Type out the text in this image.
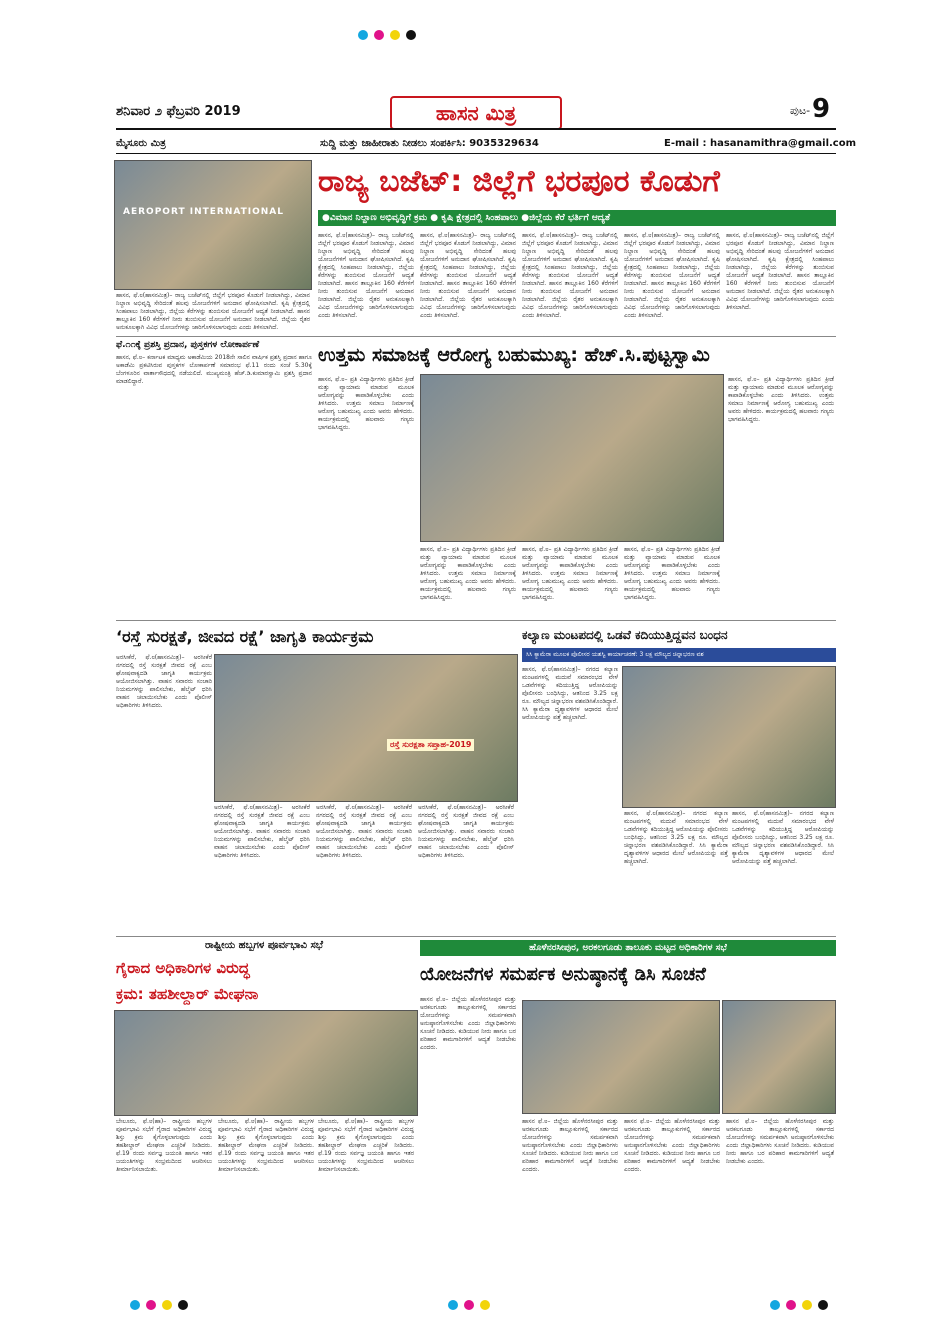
ಶನಿವಾರ ೨ ಫೆಬ್ರವರಿ 2019	ಹಾಸನ ಮಿತ್ರ	ಪುಟ- 9
ಮೈಸೂರು ಮಿತ್ರ	ಸುದ್ದಿ ಮತ್ತು ಜಾಹೀರಾತು ನೀಡಲು ಸಂಪರ್ಕಿಸಿ: 9035329634	E-mail : hasanamithra@gmail.com
AEROPORT INTERNATIONAL
ರಾಜ್ಯ ಬಜೆಟ್: ಜಿಲ್ಲೆಗೆ ಭರಪೂರ ಕೊಡುಗೆ
●ವಿಮಾನ ನಿಲ್ದಾಣ ಅಭಿವೃದ್ಧಿಗೆ ಕ್ರಮ ● ಕೃಷಿ ಕ್ಷೇತ್ರದಲ್ಲಿ ಸಿಂಹಪಾಲು ●ಜಿಲ್ಲೆಯ ಕೆರೆ ಭರ್ತಿಗೆ ಆದ್ಯತೆ
ಹಾಸನ, ಫೆ.೮(ಹಾಸನಮಿತ್ರ)– ರಾಜ್ಯ ಬಜೆಟ್‌ನಲ್ಲಿ ಜಿಲ್ಲೆಗೆ ಭರಪೂರ ಕೊಡುಗೆ ನೀಡಲಾಗಿದ್ದು, ವಿಮಾನ ನಿಲ್ದಾಣ ಅಭಿವೃದ್ಧಿ ಸೇರಿದಂತೆ ಹಲವು ಯೋಜನೆಗಳಿಗೆ ಅನುದಾನ ಘೋಷಿಸಲಾಗಿದೆ. ಕೃಷಿ ಕ್ಷೇತ್ರದಲ್ಲಿ ಸಿಂಹಪಾಲು ನೀಡಲಾಗಿದ್ದು, ಜಿಲ್ಲೆಯ ಕೆರೆಗಳನ್ನು ತುಂಬಿಸುವ ಯೋಜನೆಗೆ ಆದ್ಯತೆ ನೀಡಲಾಗಿದೆ. ಹಾಸನ ತಾಲ್ಲೂಕಿನ 160 ಕೆರೆಗಳಿಗೆ ನೀರು ತುಂಬಿಸುವ ಯೋಜನೆಗೆ ಅನುದಾನ ನೀಡಲಾಗಿದೆ. ಜಿಲ್ಲೆಯ ರೈತರ ಅನುಕೂಲಕ್ಕಾಗಿ ವಿವಿಧ ಯೋಜನೆಗಳನ್ನು ಜಾರಿಗೊಳಿಸಲಾಗುವುದು ಎಂದು ತಿಳಿಸಲಾಗಿದೆ.
ಹಾಸನ, ಫೆ.೮(ಹಾಸನಮಿತ್ರ)– ರಾಜ್ಯ ಬಜೆಟ್‌ನಲ್ಲಿ ಜಿಲ್ಲೆಗೆ ಭರಪೂರ ಕೊಡುಗೆ ನೀಡಲಾಗಿದ್ದು, ವಿಮಾನ ನಿಲ್ದಾಣ ಅಭಿವೃದ್ಧಿ ಸೇರಿದಂತೆ ಹಲವು ಯೋಜನೆಗಳಿಗೆ ಅನುದಾನ ಘೋಷಿಸಲಾಗಿದೆ. ಕೃಷಿ ಕ್ಷೇತ್ರದಲ್ಲಿ ಸಿಂಹಪಾಲು ನೀಡಲಾಗಿದ್ದು, ಜಿಲ್ಲೆಯ ಕೆರೆಗಳನ್ನು ತುಂಬಿಸುವ ಯೋಜನೆಗೆ ಆದ್ಯತೆ ನೀಡಲಾಗಿದೆ. ಹಾಸನ ತಾಲ್ಲೂಕಿನ 160 ಕೆರೆಗಳಿಗೆ ನೀರು ತುಂಬಿಸುವ ಯೋಜನೆಗೆ ಅನುದಾನ ನೀಡಲಾಗಿದೆ. ಜಿಲ್ಲೆಯ ರೈತರ ಅನುಕೂಲಕ್ಕಾಗಿ ವಿವಿಧ ಯೋಜನೆಗಳನ್ನು ಜಾರಿಗೊಳಿಸಲಾಗುವುದು ಎಂದು ತಿಳಿಸಲಾಗಿದೆ.
ಹಾಸನ, ಫೆ.೮(ಹಾಸನಮಿತ್ರ)– ರಾಜ್ಯ ಬಜೆಟ್‌ನಲ್ಲಿ ಜಿಲ್ಲೆಗೆ ಭರಪೂರ ಕೊಡುಗೆ ನೀಡಲಾಗಿದ್ದು, ವಿಮಾನ ನಿಲ್ದಾಣ ಅಭಿವೃದ್ಧಿ ಸೇರಿದಂತೆ ಹಲವು ಯೋಜನೆಗಳಿಗೆ ಅನುದಾನ ಘೋಷಿಸಲಾಗಿದೆ. ಕೃಷಿ ಕ್ಷೇತ್ರದಲ್ಲಿ ಸಿಂಹಪಾಲು ನೀಡಲಾಗಿದ್ದು, ಜಿಲ್ಲೆಯ ಕೆರೆಗಳನ್ನು ತುಂಬಿಸುವ ಯೋಜನೆಗೆ ಆದ್ಯತೆ ನೀಡಲಾಗಿದೆ. ಹಾಸನ ತಾಲ್ಲೂಕಿನ 160 ಕೆರೆಗಳಿಗೆ ನೀರು ತುಂಬಿಸುವ ಯೋಜನೆಗೆ ಅನುದಾನ ನೀಡಲಾಗಿದೆ. ಜಿಲ್ಲೆಯ ರೈತರ ಅನುಕೂಲಕ್ಕಾಗಿ ವಿವಿಧ ಯೋಜನೆಗಳನ್ನು ಜಾರಿಗೊಳಿಸಲಾಗುವುದು ಎಂದು ತಿಳಿಸಲಾಗಿದೆ.
ಹಾಸನ, ಫೆ.೮(ಹಾಸನಮಿತ್ರ)– ರಾಜ್ಯ ಬಜೆಟ್‌ನಲ್ಲಿ ಜಿಲ್ಲೆಗೆ ಭರಪೂರ ಕೊಡುಗೆ ನೀಡಲಾಗಿದ್ದು, ವಿಮಾನ ನಿಲ್ದಾಣ ಅಭಿವೃದ್ಧಿ ಸೇರಿದಂತೆ ಹಲವು ಯೋಜನೆಗಳಿಗೆ ಅನುದಾನ ಘೋಷಿಸಲಾಗಿದೆ. ಕೃಷಿ ಕ್ಷೇತ್ರದಲ್ಲಿ ಸಿಂಹಪಾಲು ನೀಡಲಾಗಿದ್ದು, ಜಿಲ್ಲೆಯ ಕೆರೆಗಳನ್ನು ತುಂಬಿಸುವ ಯೋಜನೆಗೆ ಆದ್ಯತೆ ನೀಡಲಾಗಿದೆ. ಹಾಸನ ತಾಲ್ಲೂಕಿನ 160 ಕೆರೆಗಳಿಗೆ ನೀರು ತುಂಬಿಸುವ ಯೋಜನೆಗೆ ಅನುದಾನ ನೀಡಲಾಗಿದೆ. ಜಿಲ್ಲೆಯ ರೈತರ ಅನುಕೂಲಕ್ಕಾಗಿ ವಿವಿಧ ಯೋಜನೆಗಳನ್ನು ಜಾರಿಗೊಳಿಸಲಾಗುವುದು ಎಂದು ತಿಳಿಸಲಾಗಿದೆ.
ಹಾಸನ, ಫೆ.೮(ಹಾಸನಮಿತ್ರ)– ರಾಜ್ಯ ಬಜೆಟ್‌ನಲ್ಲಿ ಜಿಲ್ಲೆಗೆ ಭರಪೂರ ಕೊಡುಗೆ ನೀಡಲಾಗಿದ್ದು, ವಿಮಾನ ನಿಲ್ದಾಣ ಅಭಿವೃದ್ಧಿ ಸೇರಿದಂತೆ ಹಲವು ಯೋಜನೆಗಳಿಗೆ ಅನುದಾನ ಘೋಷಿಸಲಾಗಿದೆ. ಕೃಷಿ ಕ್ಷೇತ್ರದಲ್ಲಿ ಸಿಂಹಪಾಲು ನೀಡಲಾಗಿದ್ದು, ಜಿಲ್ಲೆಯ ಕೆರೆಗಳನ್ನು ತುಂಬಿಸುವ ಯೋಜನೆಗೆ ಆದ್ಯತೆ ನೀಡಲಾಗಿದೆ. ಹಾಸನ ತಾಲ್ಲೂಕಿನ 160 ಕೆರೆಗಳಿಗೆ ನೀರು ತುಂಬಿಸುವ ಯೋಜನೆಗೆ ಅನುದಾನ ನೀಡಲಾಗಿದೆ. ಜಿಲ್ಲೆಯ ರೈತರ ಅನುಕೂಲಕ್ಕಾಗಿ ವಿವಿಧ ಯೋಜನೆಗಳನ್ನು ಜಾರಿಗೊಳಿಸಲಾಗುವುದು ಎಂದು ತಿಳಿಸಲಾಗಿದೆ.
ಹಾಸನ, ಫೆ.೮(ಹಾಸನಮಿತ್ರ)– ರಾಜ್ಯ ಬಜೆಟ್‌ನಲ್ಲಿ ಜಿಲ್ಲೆಗೆ ಭರಪೂರ ಕೊಡುಗೆ ನೀಡಲಾಗಿದ್ದು, ವಿಮಾನ ನಿಲ್ದಾಣ ಅಭಿವೃದ್ಧಿ ಸೇರಿದಂತೆ ಹಲವು ಯೋಜನೆಗಳಿಗೆ ಅನುದಾನ ಘೋಷಿಸಲಾಗಿದೆ. ಕೃಷಿ ಕ್ಷೇತ್ರದಲ್ಲಿ ಸಿಂಹಪಾಲು ನೀಡಲಾಗಿದ್ದು, ಜಿಲ್ಲೆಯ ಕೆರೆಗಳನ್ನು ತುಂಬಿಸುವ ಯೋಜನೆಗೆ ಆದ್ಯತೆ ನೀಡಲಾಗಿದೆ. ಹಾಸನ ತಾಲ್ಲೂಕಿನ 160 ಕೆರೆಗಳಿಗೆ ನೀರು ತುಂಬಿಸುವ ಯೋಜನೆಗೆ ಅನುದಾನ ನೀಡಲಾಗಿದೆ. ಜಿಲ್ಲೆಯ ರೈತರ ಅನುಕೂಲಕ್ಕಾಗಿ ವಿವಿಧ ಯೋಜನೆಗಳನ್ನು ಜಾರಿಗೊಳಿಸಲಾಗುವುದು ಎಂದು ತಿಳಿಸಲಾಗಿದೆ.
ಫೆ.೧೧ಕ್ಕೆ ಪ್ರಶಸ್ತಿ ಪ್ರದಾನ, ಪುಸ್ತಕಗಳ ಲೋಕಾರ್ಪಣೆ
ಹಾಸನ, ಫೆ.೮– ಕರ್ನಾಟಕ ಮಾಧ್ಯಮ ಅಕಾಡೆಮಿಯ 2018ನೇ ಸಾಲಿನ ವಾರ್ಷಿಕ ಪ್ರಶಸ್ತಿ ಪ್ರದಾನ ಹಾಗೂ ಅಕಾಡೆಮಿ ಪ್ರಕಟಿಸಿರುವ ಪುಸ್ತಕಗಳ ಲೋಕಾರ್ಪಣೆ ಸಮಾರಂಭ ಫೆ.11 ರಂದು ಸಂಜೆ 5.30ಕ್ಕೆ ಬೆಂಗಳೂರಿನ ವಾರ್ತಾಸೌಧದಲ್ಲಿ ನಡೆಯಲಿದೆ. ಮುಖ್ಯಮಂತ್ರಿ ಹೆಚ್.ಡಿ.ಕುಮಾರಸ್ವಾಮಿ ಪ್ರಶಸ್ತಿ ಪ್ರದಾನ ಮಾಡಲಿದ್ದಾರೆ.
ಉತ್ತಮ ಸಮಾಜಕ್ಕೆ ಆರೋಗ್ಯ ಬಹುಮುಖ್ಯ: ಹೆಚ್.ಸಿ.ಪುಟ್ಟಸ್ವಾಮಿ
ಹಾಸನ, ಫೆ.೮– ಪ್ರತಿ ವಿದ್ಯಾರ್ಥಿಗಳು ಪ್ರತಿದಿನ ಕ್ರೀಡೆ ಮತ್ತು ವ್ಯಾಯಾಮ ಮಾಡುವ ಮೂಲಕ ಆರೋಗ್ಯವನ್ನು ಕಾಪಾಡಿಕೊಳ್ಳಬೇಕು ಎಂದು ತಿಳಿಸಿದರು. ಉತ್ತಮ ಸಮಾಜ ನಿರ್ಮಾಣಕ್ಕೆ ಆರೋಗ್ಯ ಬಹುಮುಖ್ಯ ಎಂದು ಅವರು ಹೇಳಿದರು. ಕಾರ್ಯಕ್ರಮದಲ್ಲಿ ಹಲವಾರು ಗಣ್ಯರು ಭಾಗವಹಿಸಿದ್ದರು.
ಹಾಸನ, ಫೆ.೮– ಪ್ರತಿ ವಿದ್ಯಾರ್ಥಿಗಳು ಪ್ರತಿದಿನ ಕ್ರೀಡೆ ಮತ್ತು ವ್ಯಾಯಾಮ ಮಾಡುವ ಮೂಲಕ ಆರೋಗ್ಯವನ್ನು ಕಾಪಾಡಿಕೊಳ್ಳಬೇಕು ಎಂದು ತಿಳಿಸಿದರು. ಉತ್ತಮ ಸಮಾಜ ನಿರ್ಮಾಣಕ್ಕೆ ಆರೋಗ್ಯ ಬಹುಮುಖ್ಯ ಎಂದು ಅವರು ಹೇಳಿದರು. ಕಾರ್ಯಕ್ರಮದಲ್ಲಿ ಹಲವಾರು ಗಣ್ಯರು ಭಾಗವಹಿಸಿದ್ದರು.
ಹಾಸನ, ಫೆ.೮– ಪ್ರತಿ ವಿದ್ಯಾರ್ಥಿಗಳು ಪ್ರತಿದಿನ ಕ್ರೀಡೆ ಮತ್ತು ವ್ಯಾಯಾಮ ಮಾಡುವ ಮೂಲಕ ಆರೋಗ್ಯವನ್ನು ಕಾಪಾಡಿಕೊಳ್ಳಬೇಕು ಎಂದು ತಿಳಿಸಿದರು. ಉತ್ತಮ ಸಮಾಜ ನಿರ್ಮಾಣಕ್ಕೆ ಆರೋಗ್ಯ ಬಹುಮುಖ್ಯ ಎಂದು ಅವರು ಹೇಳಿದರು. ಕಾರ್ಯಕ್ರಮದಲ್ಲಿ ಹಲವಾರು ಗಣ್ಯರು ಭಾಗವಹಿಸಿದ್ದರು.
ಹಾಸನ, ಫೆ.೮– ಪ್ರತಿ ವಿದ್ಯಾರ್ಥಿಗಳು ಪ್ರತಿದಿನ ಕ್ರೀಡೆ ಮತ್ತು ವ್ಯಾಯಾಮ ಮಾಡುವ ಮೂಲಕ ಆರೋಗ್ಯವನ್ನು ಕಾಪಾಡಿಕೊಳ್ಳಬೇಕು ಎಂದು ತಿಳಿಸಿದರು. ಉತ್ತಮ ಸಮಾಜ ನಿರ್ಮಾಣಕ್ಕೆ ಆರೋಗ್ಯ ಬಹುಮುಖ್ಯ ಎಂದು ಅವರು ಹೇಳಿದರು. ಕಾರ್ಯಕ್ರಮದಲ್ಲಿ ಹಲವಾರು ಗಣ್ಯರು ಭಾಗವಹಿಸಿದ್ದರು.
ಹಾಸನ, ಫೆ.೮– ಪ್ರತಿ ವಿದ್ಯಾರ್ಥಿಗಳು ಪ್ರತಿದಿನ ಕ್ರೀಡೆ ಮತ್ತು ವ್ಯಾಯಾಮ ಮಾಡುವ ಮೂಲಕ ಆರೋಗ್ಯವನ್ನು ಕಾಪಾಡಿಕೊಳ್ಳಬೇಕು ಎಂದು ತಿಳಿಸಿದರು. ಉತ್ತಮ ಸಮಾಜ ನಿರ್ಮಾಣಕ್ಕೆ ಆರೋಗ್ಯ ಬಹುಮುಖ್ಯ ಎಂದು ಅವರು ಹೇಳಿದರು. ಕಾರ್ಯಕ್ರಮದಲ್ಲಿ ಹಲವಾರು ಗಣ್ಯರು ಭಾಗವಹಿಸಿದ್ದರು.
‘ರಸ್ತೆ ಸುರಕ್ಷತೆ, ಜೀವದ ರಕ್ಷೆ’ ಜಾಗೃತಿ ಕಾರ್ಯಕ್ರಮ
ಅರಸೀಕೆರೆ, ಫೆ.೮(ಹಾಸನಮಿತ್ರ)– ಅರಸೀಕೆರೆ ನಗರದಲ್ಲಿ ರಸ್ತೆ ಸುರಕ್ಷತೆ ಜೀವದ ರಕ್ಷೆ ಎಂಬ ಘೋಷವಾಕ್ಯದಡಿ ಜಾಗೃತಿ ಕಾರ್ಯಕ್ರಮ ಆಯೋಜಿಸಲಾಗಿತ್ತು. ವಾಹನ ಸವಾರರು ಸಂಚಾರಿ ನಿಯಮಗಳನ್ನು ಪಾಲಿಸಬೇಕು, ಹೆಲ್ಮೆಟ್ ಧರಿಸಿ ವಾಹನ ಚಲಾಯಿಸಬೇಕು ಎಂದು ಪೊಲೀಸ್ ಅಧಿಕಾರಿಗಳು ತಿಳಿಸಿದರು.
ರಸ್ತೆ ಸುರಕ್ಷತಾ ಸಪ್ತಾಹ-2019
ಅರಸೀಕೆರೆ, ಫೆ.೮(ಹಾಸನಮಿತ್ರ)– ಅರಸೀಕೆರೆ ನಗರದಲ್ಲಿ ರಸ್ತೆ ಸುರಕ್ಷತೆ ಜೀವದ ರಕ್ಷೆ ಎಂಬ ಘೋಷವಾಕ್ಯದಡಿ ಜಾಗೃತಿ ಕಾರ್ಯಕ್ರಮ ಆಯೋಜಿಸಲಾಗಿತ್ತು. ವಾಹನ ಸವಾರರು ಸಂಚಾರಿ ನಿಯಮಗಳನ್ನು ಪಾಲಿಸಬೇಕು, ಹೆಲ್ಮೆಟ್ ಧರಿಸಿ ವಾಹನ ಚಲಾಯಿಸಬೇಕು ಎಂದು ಪೊಲೀಸ್ ಅಧಿಕಾರಿಗಳು ತಿಳಿಸಿದರು.
ಅರಸೀಕೆರೆ, ಫೆ.೮(ಹಾಸನಮಿತ್ರ)– ಅರಸೀಕೆರೆ ನಗರದಲ್ಲಿ ರಸ್ತೆ ಸುರಕ್ಷತೆ ಜೀವದ ರಕ್ಷೆ ಎಂಬ ಘೋಷವಾಕ್ಯದಡಿ ಜಾಗೃತಿ ಕಾರ್ಯಕ್ರಮ ಆಯೋಜಿಸಲಾಗಿತ್ತು. ವಾಹನ ಸವಾರರು ಸಂಚಾರಿ ನಿಯಮಗಳನ್ನು ಪಾಲಿಸಬೇಕು, ಹೆಲ್ಮೆಟ್ ಧರಿಸಿ ವಾಹನ ಚಲಾಯಿಸಬೇಕು ಎಂದು ಪೊಲೀಸ್ ಅಧಿಕಾರಿಗಳು ತಿಳಿಸಿದರು.
ಅರಸೀಕೆರೆ, ಫೆ.೮(ಹಾಸನಮಿತ್ರ)– ಅರಸೀಕೆರೆ ನಗರದಲ್ಲಿ ರಸ್ತೆ ಸುರಕ್ಷತೆ ಜೀವದ ರಕ್ಷೆ ಎಂಬ ಘೋಷವಾಕ್ಯದಡಿ ಜಾಗೃತಿ ಕಾರ್ಯಕ್ರಮ ಆಯೋಜಿಸಲಾಗಿತ್ತು. ವಾಹನ ಸವಾರರು ಸಂಚಾರಿ ನಿಯಮಗಳನ್ನು ಪಾಲಿಸಬೇಕು, ಹೆಲ್ಮೆಟ್ ಧರಿಸಿ ವಾಹನ ಚಲಾಯಿಸಬೇಕು ಎಂದು ಪೊಲೀಸ್ ಅಧಿಕಾರಿಗಳು ತಿಳಿಸಿದರು.
ಕಲ್ಯಾಣ ಮಂಟಪದಲ್ಲಿ ಒಡವೆ ಕದಿಯುತ್ತಿದ್ದವನ ಬಂಧನ
ಸಿಸಿ ಕ್ಯಾಮೆರಾ ಮೂಲಕ ಪೊಲೀಸರ ಯಶಸ್ವಿ ಕಾರ್ಯಾಚರಣೆ: 3 ಲಕ್ಷ ಮೌಲ್ಯದ ಚಿನ್ನಾಭರಣ ವಶ
ಹಾಸನ, ಫೆ.೮(ಹಾಸನಮಿತ್ರ)– ನಗರದ ಕಲ್ಯಾಣ ಮಂಟಪಗಳಲ್ಲಿ ಮದುವೆ ಸಮಾರಂಭದ ವೇಳೆ ಒಡವೆಗಳನ್ನು ಕದಿಯುತ್ತಿದ್ದ ಆರೋಪಿಯನ್ನು ಪೊಲೀಸರು ಬಂಧಿಸಿದ್ದು, ಆತನಿಂದ 3.25 ಲಕ್ಷ ರೂ. ಮೌಲ್ಯದ ಚಿನ್ನಾಭರಣ ವಶಪಡಿಸಿಕೊಂಡಿದ್ದಾರೆ. ಸಿಸಿ ಕ್ಯಾಮೆರಾ ದೃಶ್ಯಾವಳಿಗಳ ಆಧಾರದ ಮೇಲೆ ಆರೋಪಿಯನ್ನು ಪತ್ತೆ ಹಚ್ಚಲಾಗಿದೆ.
ಹಾಸನ, ಫೆ.೮(ಹಾಸನಮಿತ್ರ)– ನಗರದ ಕಲ್ಯಾಣ ಮಂಟಪಗಳಲ್ಲಿ ಮದುವೆ ಸಮಾರಂಭದ ವೇಳೆ ಒಡವೆಗಳನ್ನು ಕದಿಯುತ್ತಿದ್ದ ಆರೋಪಿಯನ್ನು ಪೊಲೀಸರು ಬಂಧಿಸಿದ್ದು, ಆತನಿಂದ 3.25 ಲಕ್ಷ ರೂ. ಮೌಲ್ಯದ ಚಿನ್ನಾಭರಣ ವಶಪಡಿಸಿಕೊಂಡಿದ್ದಾರೆ. ಸಿಸಿ ಕ್ಯಾಮೆರಾ ದೃಶ್ಯಾವಳಿಗಳ ಆಧಾರದ ಮೇಲೆ ಆರೋಪಿಯನ್ನು ಪತ್ತೆ ಹಚ್ಚಲಾಗಿದೆ.
ಹಾಸನ, ಫೆ.೮(ಹಾಸನಮಿತ್ರ)– ನಗರದ ಕಲ್ಯಾಣ ಮಂಟಪಗಳಲ್ಲಿ ಮದುವೆ ಸಮಾರಂಭದ ವೇಳೆ ಒಡವೆಗಳನ್ನು ಕದಿಯುತ್ತಿದ್ದ ಆರೋಪಿಯನ್ನು ಪೊಲೀಸರು ಬಂಧಿಸಿದ್ದು, ಆತನಿಂದ 3.25 ಲಕ್ಷ ರೂ. ಮೌಲ್ಯದ ಚಿನ್ನಾಭರಣ ವಶಪಡಿಸಿಕೊಂಡಿದ್ದಾರೆ. ಸಿಸಿ ಕ್ಯಾಮೆರಾ ದೃಶ್ಯಾವಳಿಗಳ ಆಧಾರದ ಮೇಲೆ ಆರೋಪಿಯನ್ನು ಪತ್ತೆ ಹಚ್ಚಲಾಗಿದೆ.
ರಾಷ್ಟ್ರೀಯ ಹಬ್ಬಗಳ ಪೂರ್ವಭಾವಿ ಸಭೆ
ಗೈರಾದ ಅಧಿಕಾರಿಗಳ ವಿರುದ್ಧ
ಕ್ರಮ: ತಹಶೀಲ್ದಾರ್ ಮೇಘನಾ
ಬೇಲೂರು, ಫೆ.೮(ಹಾ)– ರಾಷ್ಟ್ರೀಯ ಹಬ್ಬಗಳ ಪೂರ್ವಭಾವಿ ಸಭೆಗೆ ಗೈರಾದ ಅಧಿಕಾರಿಗಳ ವಿರುದ್ಧ ಶಿಸ್ತು ಕ್ರಮ ಕೈಗೊಳ್ಳಲಾಗುವುದು ಎಂದು ತಹಶೀಲ್ದಾರ್ ಮೇಘನಾ ಎಚ್ಚರಿಕೆ ನೀಡಿದರು. ಫೆ.19 ರಂದು ಸರ್ವಜ್ಞ ಜಯಂತಿ ಹಾಗೂ ಇತರ ಜಯಂತಿಗಳನ್ನು ಸಂಭ್ರಮದಿಂದ ಆಚರಿಸಲು ತೀರ್ಮಾನಿಸಲಾಯಿತು.
ಬೇಲೂರು, ಫೆ.೮(ಹಾ)– ರಾಷ್ಟ್ರೀಯ ಹಬ್ಬಗಳ ಪೂರ್ವಭಾವಿ ಸಭೆಗೆ ಗೈರಾದ ಅಧಿಕಾರಿಗಳ ವಿರುದ್ಧ ಶಿಸ್ತು ಕ್ರಮ ಕೈಗೊಳ್ಳಲಾಗುವುದು ಎಂದು ತಹಶೀಲ್ದಾರ್ ಮೇಘನಾ ಎಚ್ಚರಿಕೆ ನೀಡಿದರು. ಫೆ.19 ರಂದು ಸರ್ವಜ್ಞ ಜಯಂತಿ ಹಾಗೂ ಇತರ ಜಯಂತಿಗಳನ್ನು ಸಂಭ್ರಮದಿಂದ ಆಚರಿಸಲು ತೀರ್ಮಾನಿಸಲಾಯಿತು.
ಬೇಲೂರು, ಫೆ.೮(ಹಾ)– ರಾಷ್ಟ್ರೀಯ ಹಬ್ಬಗಳ ಪೂರ್ವಭಾವಿ ಸಭೆಗೆ ಗೈರಾದ ಅಧಿಕಾರಿಗಳ ವಿರುದ್ಧ ಶಿಸ್ತು ಕ್ರಮ ಕೈಗೊಳ್ಳಲಾಗುವುದು ಎಂದು ತಹಶೀಲ್ದಾರ್ ಮೇಘನಾ ಎಚ್ಚರಿಕೆ ನೀಡಿದರು. ಫೆ.19 ರಂದು ಸರ್ವಜ್ಞ ಜಯಂತಿ ಹಾಗೂ ಇತರ ಜಯಂತಿಗಳನ್ನು ಸಂಭ್ರಮದಿಂದ ಆಚರಿಸಲು ತೀರ್ಮಾನಿಸಲಾಯಿತು.
ಹೊಳೆನರಸೀಪುರ, ಅರಕಲಗೂಡು ತಾಲೂಕು ಮಟ್ಟದ ಅಧಿಕಾರಿಗಳ ಸಭೆ
ಯೋಜನೆಗಳ ಸಮರ್ಪಕ ಅನುಷ್ಠಾನಕ್ಕೆ ಡಿಸಿ ಸೂಚನೆ
ಹಾಸನ ಫೆ.೮– ಜಿಲ್ಲೆಯ ಹೊಳೆನರಸೀಪುರ ಮತ್ತು ಅರಕಲಗೂಡು ತಾಲ್ಲೂಕುಗಳಲ್ಲಿ ಸರ್ಕಾರದ ಯೋಜನೆಗಳನ್ನು ಸಮರ್ಪಕವಾಗಿ ಅನುಷ್ಠಾನಗೊಳಿಸಬೇಕು ಎಂದು ಜಿಲ್ಲಾಧಿಕಾರಿಗಳು ಸೂಚನೆ ನೀಡಿದರು. ಕುಡಿಯುವ ನೀರು ಹಾಗೂ ಬರ ಪರಿಹಾರ ಕಾಮಗಾರಿಗಳಿಗೆ ಆದ್ಯತೆ ನೀಡಬೇಕು ಎಂದರು.
ಹಾಸನ ಫೆ.೮– ಜಿಲ್ಲೆಯ ಹೊಳೆನರಸೀಪುರ ಮತ್ತು ಅರಕಲಗೂಡು ತಾಲ್ಲೂಕುಗಳಲ್ಲಿ ಸರ್ಕಾರದ ಯೋಜನೆಗಳನ್ನು ಸಮರ್ಪಕವಾಗಿ ಅನುಷ್ಠಾನಗೊಳಿಸಬೇಕು ಎಂದು ಜಿಲ್ಲಾಧಿಕಾರಿಗಳು ಸೂಚನೆ ನೀಡಿದರು. ಕುಡಿಯುವ ನೀರು ಹಾಗೂ ಬರ ಪರಿಹಾರ ಕಾಮಗಾರಿಗಳಿಗೆ ಆದ್ಯತೆ ನೀಡಬೇಕು ಎಂದರು.
ಹಾಸನ ಫೆ.೮– ಜಿಲ್ಲೆಯ ಹೊಳೆನರಸೀಪುರ ಮತ್ತು ಅರಕಲಗೂಡು ತಾಲ್ಲೂಕುಗಳಲ್ಲಿ ಸರ್ಕಾರದ ಯೋಜನೆಗಳನ್ನು ಸಮರ್ಪಕವಾಗಿ ಅನುಷ್ಠಾನಗೊಳಿಸಬೇಕು ಎಂದು ಜಿಲ್ಲಾಧಿಕಾರಿಗಳು ಸೂಚನೆ ನೀಡಿದರು. ಕುಡಿಯುವ ನೀರು ಹಾಗೂ ಬರ ಪರಿಹಾರ ಕಾಮಗಾರಿಗಳಿಗೆ ಆದ್ಯತೆ ನೀಡಬೇಕು ಎಂದರು.
ಹಾಸನ ಫೆ.೮– ಜಿಲ್ಲೆಯ ಹೊಳೆನರಸೀಪುರ ಮತ್ತು ಅರಕಲಗೂಡು ತಾಲ್ಲೂಕುಗಳಲ್ಲಿ ಸರ್ಕಾರದ ಯೋಜನೆಗಳನ್ನು ಸಮರ್ಪಕವಾಗಿ ಅನುಷ್ಠಾನಗೊಳಿಸಬೇಕು ಎಂದು ಜಿಲ್ಲಾಧಿಕಾರಿಗಳು ಸೂಚನೆ ನೀಡಿದರು. ಕುಡಿಯುವ ನೀರು ಹಾಗೂ ಬರ ಪರಿಹಾರ ಕಾಮಗಾರಿಗಳಿಗೆ ಆದ್ಯತೆ ನೀಡಬೇಕು ಎಂದರು.
